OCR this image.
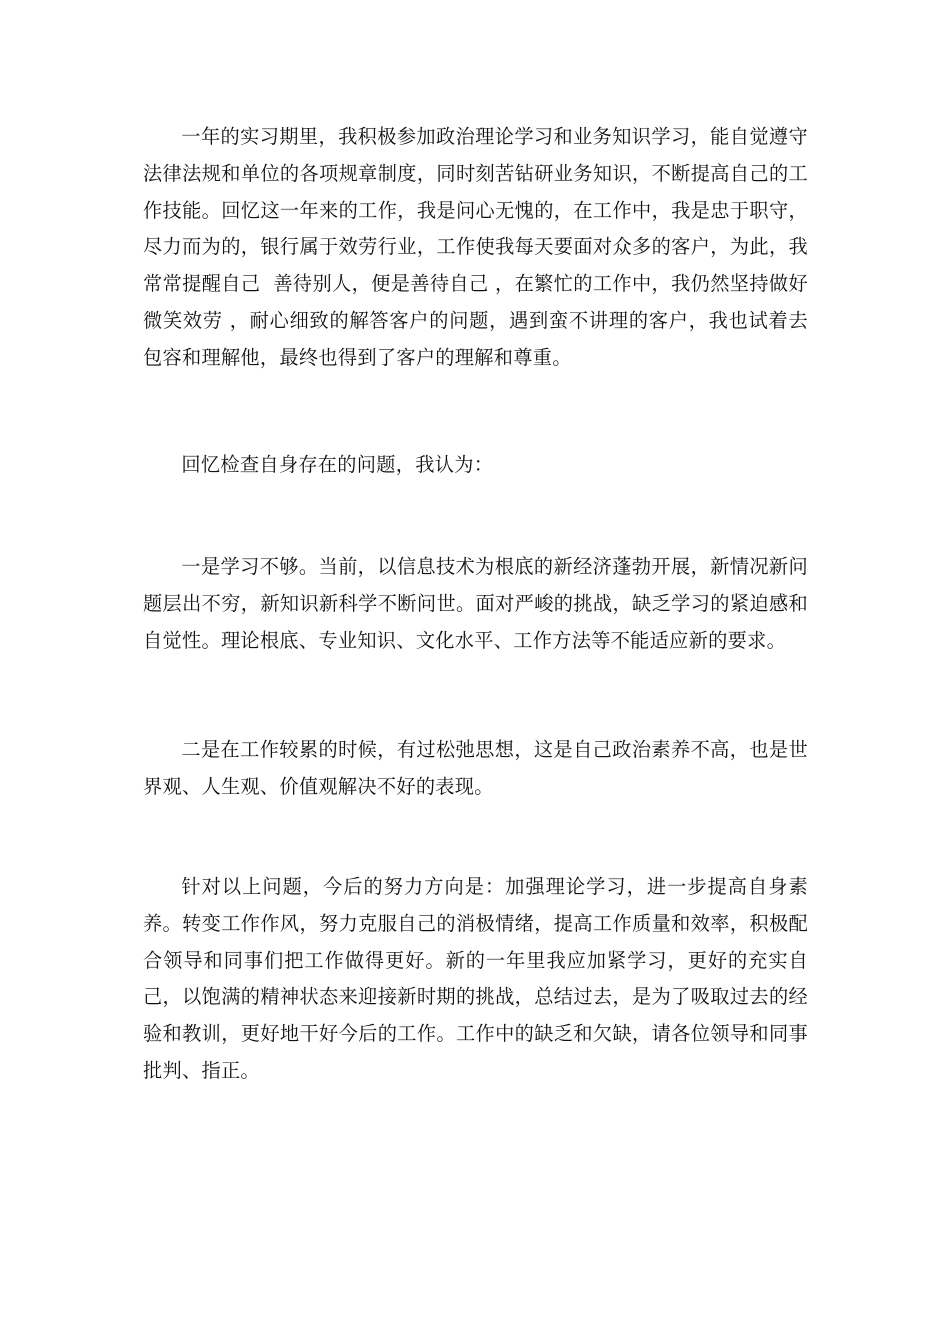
一年的实习期里，我积极参加政治理论学习和业务知识学习，能自觉遵守法律法规和单位的各项规章制度，同时刻苦钻研业务知识，不断提高自己的工作技能。回忆这一年来的工作，我是问心无愧的，在工作中，我是忠于职守，尽力而为的，银行属于效劳行业，工作使我每天要面对众多的客户，为此，我常常提醒自己  善待别人，便是善待自己 ，在繁忙的工作中，我仍然坚持做好  微笑效劳 ，耐心细致的解答客户的问题，遇到蛮不讲理的客户，我也试着去包容和理解他，最终也得到了客户的理解和尊重。

回忆检查自身存在的问题，我认为：

一是学习不够。当前，以信息技术为根底的新经济蓬勃开展，新情况新问题层出不穷，新知识新科学不断问世。面对严峻的挑战，缺乏学习的紧迫感和自觉性。理论根底、专业知识、文化水平、工作方法等不能适应新的要求。

二是在工作较累的时候，有过松弛思想，这是自己政治素养不高，也是世界观、人生观、价值观解决不好的表现。

针对以上问题，今后的努力方向是：加强理论学习，进一步提高自身素养。转变工作作风，努力克服自己的消极情绪，提高工作质量和效率，积极配合领导和同事们把工作做得更好。新的一年里我应加紧学习，更好的充实自己，以饱满的精神状态来迎接新时期的挑战，总结过去，是为了吸取过去的经验和教训，更好地干好今后的工作。工作中的缺乏和欠缺，请各位领导和同事批判、指正。
